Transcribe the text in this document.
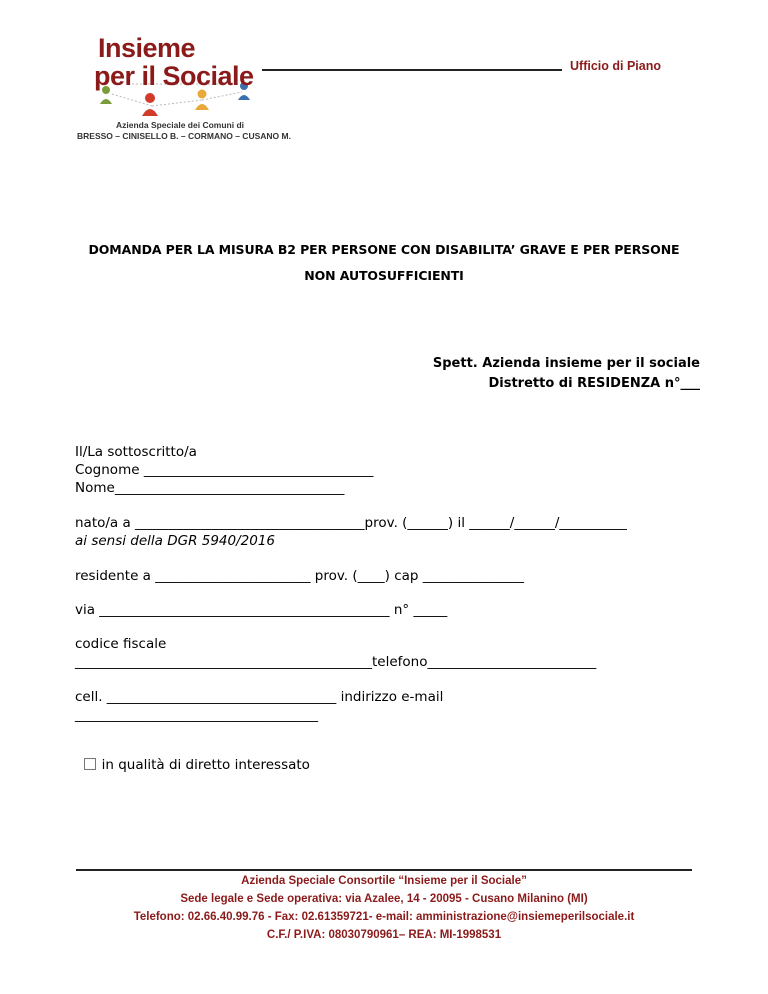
Insieme
per il Sociale	Ufficio di Piano
Azienda Speciale dei Comuni di
BRESSO – CINISELLO B. – CORMANO – CUSANO M.
DOMANDA PER LA MISURA B2 PER PERSONE CON DISABILITA’ GRAVE E PER PERSONE
NON AUTOSUFFICIENTI
Spett. Azienda insieme per il sociale
Distretto di RESIDENZA n°___
Il/La sottoscritto/a
Cognome __________________________________
Nome__________________________________
nato/a a __________________________________prov. (______) il ______/______/__________
ai sensi della DGR 5940/2016
residente a _______________________ prov. (____) cap _______________
via ___________________________________________ n° _____
codice fiscale
____________________________________________telefono_________________________
cell. __________________________________ indirizzo e-mail
____________________________________

in qualità di diretto interessato

Azienda Speciale Consortile “Insieme per il Sociale”
Sede legale e Sede operativa: via Azalee, 14 - 20095 - Cusano Milanino (MI)
Telefono: 02.66.40.99.76 - Fax: 02.61359721- e-mail: amministrazione@insiemeperilsociale.it
C.F./ P.IVA: 08030790961– REA: MI-1998531
